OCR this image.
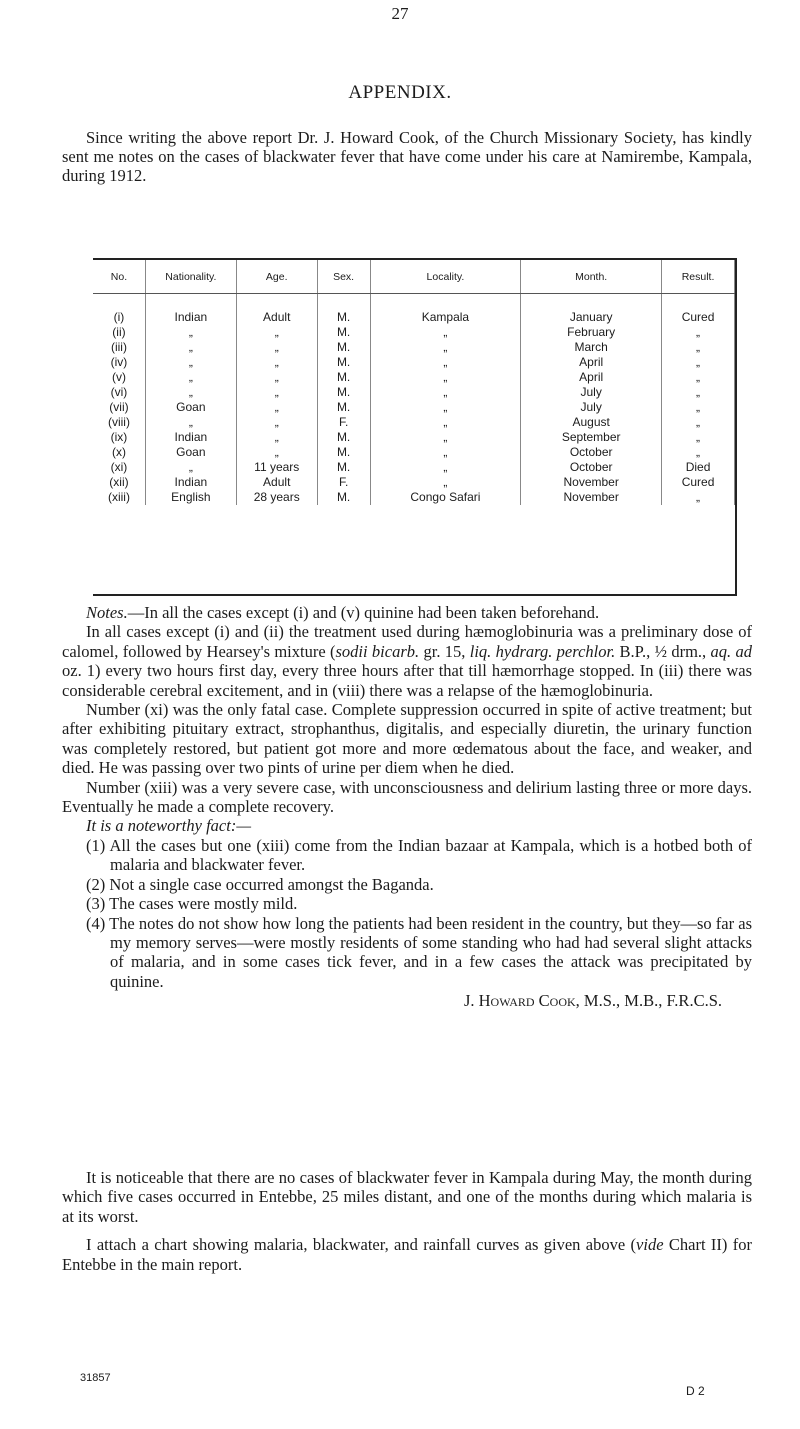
27
APPENDIX.
Since writing the above report Dr. J. Howard Cook, of the Church Missionary Society, has kindly sent me notes on the cases of blackwater fever that have come under his care at Namirembe, Kampala, during 1912.
No.	Nationality.	Age.	Sex.	Locality.	Month.	Result.	
(i)	Indian	Adult	M.	Kampala	January	Cured	
(ii)	„	„	M.	„	February	„	
(iii)	„	„	M.	„	March	„	
(iv)	„	„	M.	„	April	„	
(v)	„	„	M.	„	April	„	
(vi)	„	„	M.	„	July	„	
(vii)	Goan	„	M.	„	July	„	
(viii)	„	„	F.	„	August	„	
(ix)	Indian	„	M.	„	September	„	
(x)	Goan	„	M.	„	October	„	
(xi)	„	11 years	M.	„	October	Died	
(xii)	Indian	Adult	F.	„	November	Cured	
(xiii)	English	28 years	M.	Congo Safari	November	„	

Notes.—In all the cases except (i) and (v) quinine had been taken beforehand.

In all cases except (i) and (ii) the treatment used during hæmoglobinuria was a preliminary dose of calomel, followed by Hearsey's mixture (sodii bicarb. gr. 15, liq. hydrarg. perchlor. B.P., ½ drm., aq. ad oz. 1) every two hours first day, every three hours after that till hæmorrhage stopped. In (iii) there was considerable cerebral excitement, and in (viii) there was a relapse of the hæmoglobinuria.

Number (xi) was the only fatal case. Complete suppression occurred in spite of active treatment; but after exhibiting pituitary extract, strophanthus, digitalis, and especially diuretin, the urinary function was completely restored, but patient got more and more œdematous about the face, and weaker, and died. He was passing over two pints of urine per diem when he died.

Number (xiii) was a very severe case, with unconsciousness and delirium lasting three or more days. Eventually he made a complete recovery.

It is a noteworthy fact:—

(1) All the cases but one (xiii) come from the Indian bazaar at Kampala, which is a hotbed both of malaria and blackwater fever.
(2) Not a single case occurred amongst the Baganda.
(3) The cases were mostly mild.
(4) The notes do not show how long the patients had been resident in the country, but they—so far as my memory serves—were mostly residents of some standing who had had several slight attacks of malaria, and in some cases tick fever, and in a few cases the attack was precipitated by quinine.
J. Howard Cook, M.S., M.B., F.R.C.S.

It is noticeable that there are no cases of blackwater fever in Kampala during May, the month during which five cases occurred in Entebbe, 25 miles distant, and one of the months during which malaria is at its worst.

I attach a chart showing malaria, blackwater, and rainfall curves as given above (vide Chart II) for Entebbe in the main report.

31857
D 2
